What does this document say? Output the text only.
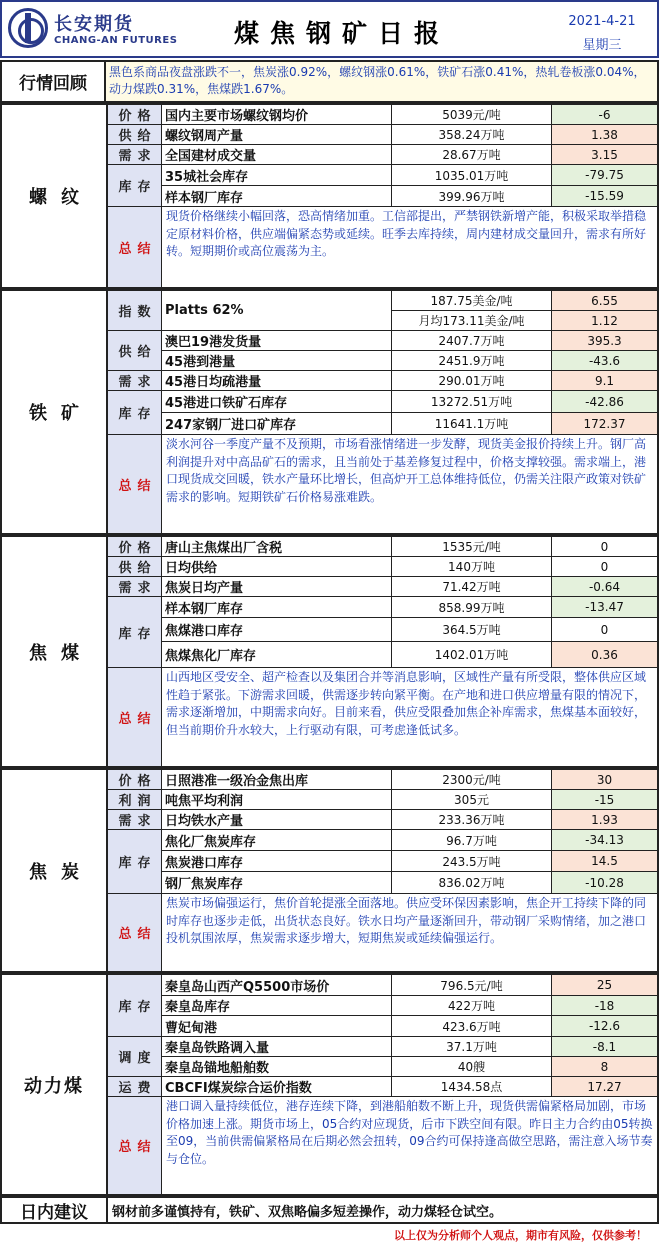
长安期货
CHANG-AN FUTURES	煤焦钢矿日报	2021-4-21
星期三
行情回顾
黑色系商品夜盘涨跌不一，焦炭涨0.92%，螺纹钢涨0.61%，铁矿石涨0.41%，热轧卷板涨0.04%，动力煤跌0.31%，焦煤跌1.67%。
螺纹
价格 国内主要市场螺纹钢均价	5039元/吨	-6
供给 螺纹钢周产量	358.24万吨	1.38
需求 全国建材成交量	28.67万吨	3.15
库存
35城社会库存	1035.01万吨	-79.75
样本钢厂库存	399.96万吨	-15.59
总结
现货价格继续小幅回落，恐高情绪加重。工信部提出，严禁钢铁新增产能，积极采取举措稳定原材料价格，供应端偏紧态势或延续。旺季去库持续，周内建材成交量回升，需求有所好转。短期期价或高位震荡为主。
铁矿
指数 Platts 62%
187.75美金/吨	6.55
月均173.11美金/吨	1.12
供给
澳巴19港发货量	2407.7万吨	395.3
45港到港量	2451.9万吨	-43.6
需求 45港日均疏港量	290.01万吨	9.1
库存
45港进口铁矿石库存	13272.51万吨	-42.86
247家钢厂进口矿库存	11641.1万吨	172.37
总结
淡水河谷一季度产量不及预期，市场看涨情绪进一步发酵，现货美金报价持续上升。钢厂高利润提升对中高品矿石的需求，且当前处于基差修复过程中，价格支撑较强。需求端上，港口现货成交回暖，铁水产量环比增长，但高炉开工总体维持低位，仍需关注限产政策对铁矿需求的影响。短期铁矿石价格易涨难跌。
焦煤
价格 唐山主焦煤出厂含税	1535元/吨	0
供给 日均供给	140万吨	0
需求 焦炭日均产量	71.42万吨	-0.64
库存
样本钢厂库存	858.99万吨	-13.47
焦煤港口库存	364.5万吨	0
焦煤焦化厂库存	1402.01万吨	0.36
总结
山西地区受安全、超产检查以及集团合并等消息影响，区域性产量有所受限，整体供应区域性趋于紧张。下游需求回暖，供需逐步转向紧平衡。在产地和进口供应增量有限的情况下，需求逐渐增加，中期需求向好。目前来看，供应受限叠加焦企补库需求，焦煤基本面较好，但当前期价升水较大，上行驱动有限，可考虑逢低试多。
焦炭
价格 日照港准一级冶金焦出库	2300元/吨	30
利润 吨焦平均利润	305元	-15
需求 日均铁水产量	233.36万吨	1.93
库存
焦化厂焦炭库存	96.7万吨	-34.13
焦炭港口库存	243.5万吨	14.5
钢厂焦炭库存	836.02万吨	-10.28
总结
焦炭市场偏强运行，焦价首轮提涨全面落地。供应受环保因素影响，焦企开工持续下降的同时库存也逐步走低，出货状态良好。铁水日均产量逐渐回升，带动钢厂采购情绪，加之港口投机氛围浓厚，焦炭需求逐步增大，短期焦炭或延续偏强运行。
动力煤
库存
秦皇岛山西产Q5500市场价	796.5元/吨	25
秦皇岛库存	422万吨	-18
曹妃甸港	423.6万吨	-12.6
调度
秦皇岛铁路调入量	37.1万吨	-8.1
秦皇岛锚地船舶数	40艘	8
运费 CBCFI煤炭综合运价指数	1434.58点	17.27
总结
港口调入量持续低位，港存连续下降，到港船舶数不断上升，现货供需偏紧格局加剧，市场价格加速上涨。期货市场上，05合约对应现货，后市下跌空间有限。昨日主力合约由05转换至09，当前供需偏紧格局在后期必然会扭转，09合约可保持逢高做空思路，需注意入场节奏与仓位。
日内建议	钢材前多谨慎持有，铁矿、双焦略偏多短差操作，动力煤轻仓试空。
以上仅为分析师个人观点，期市有风险，仅供参考！
